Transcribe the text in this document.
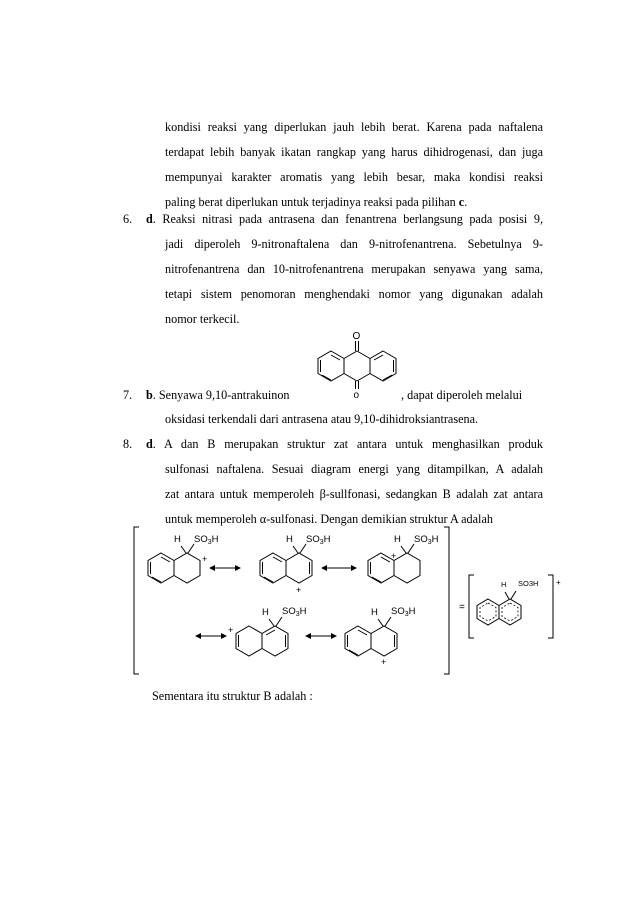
kondisi reaksi yang diperlukan jauh lebih berat. Karena pada naftalena
terdapat lebih banyak ikatan rangkap yang harus dihidrogenasi, dan juga
mempunyai karakter aromatis yang lebih besar, maka kondisi reaksi
paling berat diperlukan untuk terjadinya reaksi pada pilihan c.
6. d. Reaksi nitrasi pada antrasena dan fenantrena berlangsung pada posisi 9,
jadi diperoleh 9-nitronaftalena dan 9-nitrofenantrena. Sebetulnya 9-
nitrofenantrena dan 10-nitrofenantrena merupakan senyawa yang sama,
tetapi sistem penomoran menghendaki nomor yang digunakan adalah
nomor terkecil.
O
o
7. b. Senyawa 9,10-antrakuinon	, dapat diperoleh melalui
oksidasi terkendali dari antrasena atau 9,10-dihidroksiantrasena.
8. d. A dan B merupakan struktur zat antara untuk menghasilkan produk
sulfonasi naftalena. Sesuai diagram energi yang ditampilkan, A adalah
zat antara untuk memperoleh β-sullfonasi, sedangkan B adalah zat antara
untuk memperoleh α-sulfonasi. Dengan demikian struktur A adalah
H $SO_3H$
+
H $SO_3H$
+
H $SO_3H$
+
H $SO_3H$
+
H $SO_3H$
+
=
H SO3H +
Sementara itu struktur B adalah :
